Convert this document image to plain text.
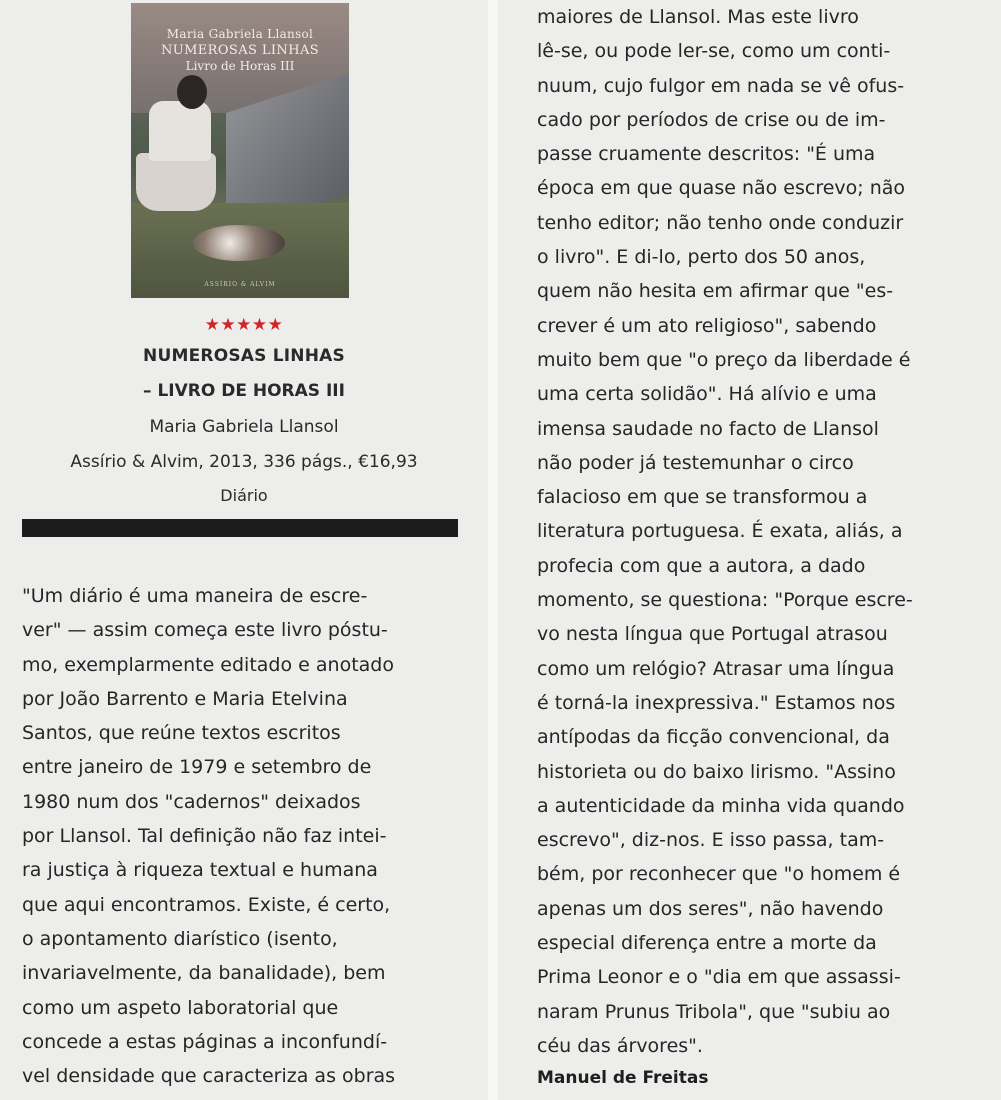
Maria Gabriela Llansol
NUMEROSAS LINHAS
Livro de Horas III
ASSÍRIO & ALVIM
★★★★★
NUMEROSAS LINHAS
– LIVRO DE HORAS III
Maria Gabriela Llansol
Assírio & Alvim, 2013, 336 págs., €16,93
Diário
"Um diário é uma maneira de escre-
ver" — assim começa este livro póstu-
mo, exemplarmente editado e anotado
por João Barrento e Maria Etelvina
Santos, que reúne textos escritos
entre janeiro de 1979 e setembro de
1980 num dos "cadernos" deixados
por Llansol. Tal definição não faz intei-
ra justiça à riqueza textual e humana
que aqui encontramos. Existe, é certo,
o apontamento diarístico (isento,
invariavelmente, da banalidade), bem
como um aspeto laboratorial que
concede a estas páginas a inconfundí-
vel densidade que caracteriza as obras
maiores de Llansol. Mas este livro
lê-se, ou pode ler-se, como um conti-
nuum, cujo fulgor em nada se vê ofus-
cado por períodos de crise ou de im-
passe cruamente descritos: "É uma
época em que quase não escrevo; não
tenho editor; não tenho onde conduzir
o livro". E di-lo, perto dos 50 anos,
quem não hesita em afirmar que "es-
crever é um ato religioso", sabendo
muito bem que "o preço da liberdade é
uma certa solidão". Há alívio e uma
imensa saudade no facto de Llansol
não poder já testemunhar o circo
falacioso em que se transformou a
literatura portuguesa. É exata, aliás, a
profecia com que a autora, a dado
momento, se questiona: "Porque escre-
vo nesta língua que Portugal atrasou
como um relógio? Atrasar uma língua
é torná-la inexpressiva." Estamos nos
antípodas da ficção convencional, da
historieta ou do baixo lirismo. "Assino
a autenticidade da minha vida quando
escrevo", diz-nos. E isso passa, tam-
bém, por reconhecer que "o homem é
apenas um dos seres", não havendo
especial diferença entre a morte da
Prima Leonor e o "dia em que assassi-
naram Prunus Tribola", que "subiu ao
céu das árvores".
Manuel de Freitas
